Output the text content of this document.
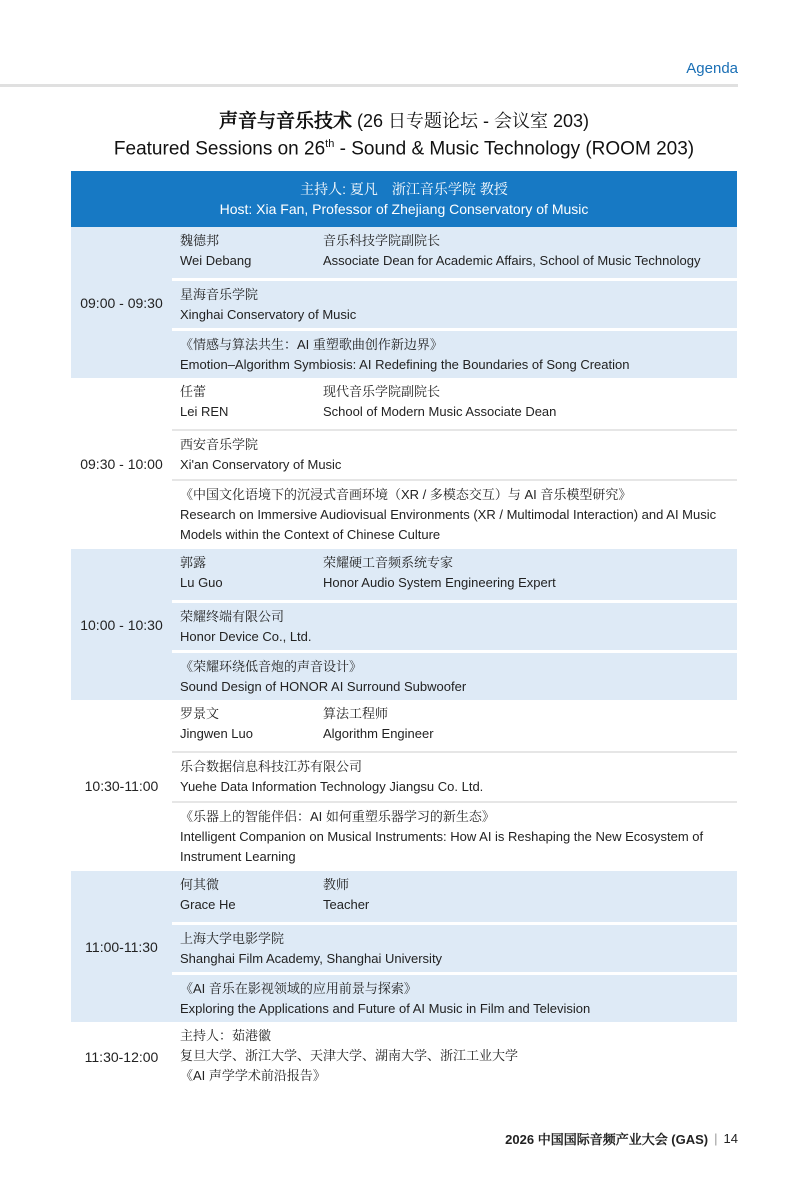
Agenda
声音与音乐技术 (26 日专题论坛 - 会议室 203)
Featured Sessions on 26th - Sound & Music Technology (ROOM 203)
主持人: 夏凡　浙江音乐学院 教授
Host: Xia Fan, Professor of Zhejiang Conservatory of Music
09:00 - 09:30
魏德邦	音乐科技学院副院长
Wei Debang	Associate Dean for Academic Affairs, School of Music Technology
星海音乐学院
Xinghai Conservatory of Music
《情感与算法共生：AI 重塑歌曲创作新边界》
Emotion–Algorithm Symbiosis: AI Redefining the Boundaries of Song Creation
09:30 - 10:00
任蕾	现代音乐学院副院长
Lei REN	School of Modern Music Associate Dean
西安音乐学院
Xi'an Conservatory of Music
《中国文化语境下的沉浸式音画环境（XR / 多模态交互）与 AI 音乐模型研究》
Research on Immersive Audiovisual Environments (XR / Multimodal Interaction) and AI Music Models within the Context of Chinese Culture
10:00 - 10:30
郭露	荣耀硬工音频系统专家
Lu Guo	Honor Audio System Engineering Expert
荣耀终端有限公司
Honor Device Co., Ltd.
《荣耀环绕低音炮的声音设计》
Sound Design of HONOR AI Surround Subwoofer
10:30-11:00
罗景文	算法工程师
Jingwen Luo	Algorithm Engineer
乐合数据信息科技江苏有限公司
Yuehe Data Information Technology Jiangsu Co. Ltd.
《乐器上的智能伴侣：AI 如何重塑乐器学习的新生态》
Intelligent Companion on Musical Instruments: How AI is Reshaping the New Ecosystem of Instrument Learning
11:00-11:30
何其微	教师
Grace He	Teacher
上海大学电影学院
Shanghai Film Academy, Shanghai University
《AI 音乐在影视领域的应用前景与探索》
Exploring the Applications and Future of AI Music in Film and Television
11:30-12:00
主持人：茹港徽
复旦大学、浙江大学、天津大学、湖南大学、浙江工业大学
《AI 声学学术前沿报告》
2026 中国国际音频产业大会 (GAS) | 14
